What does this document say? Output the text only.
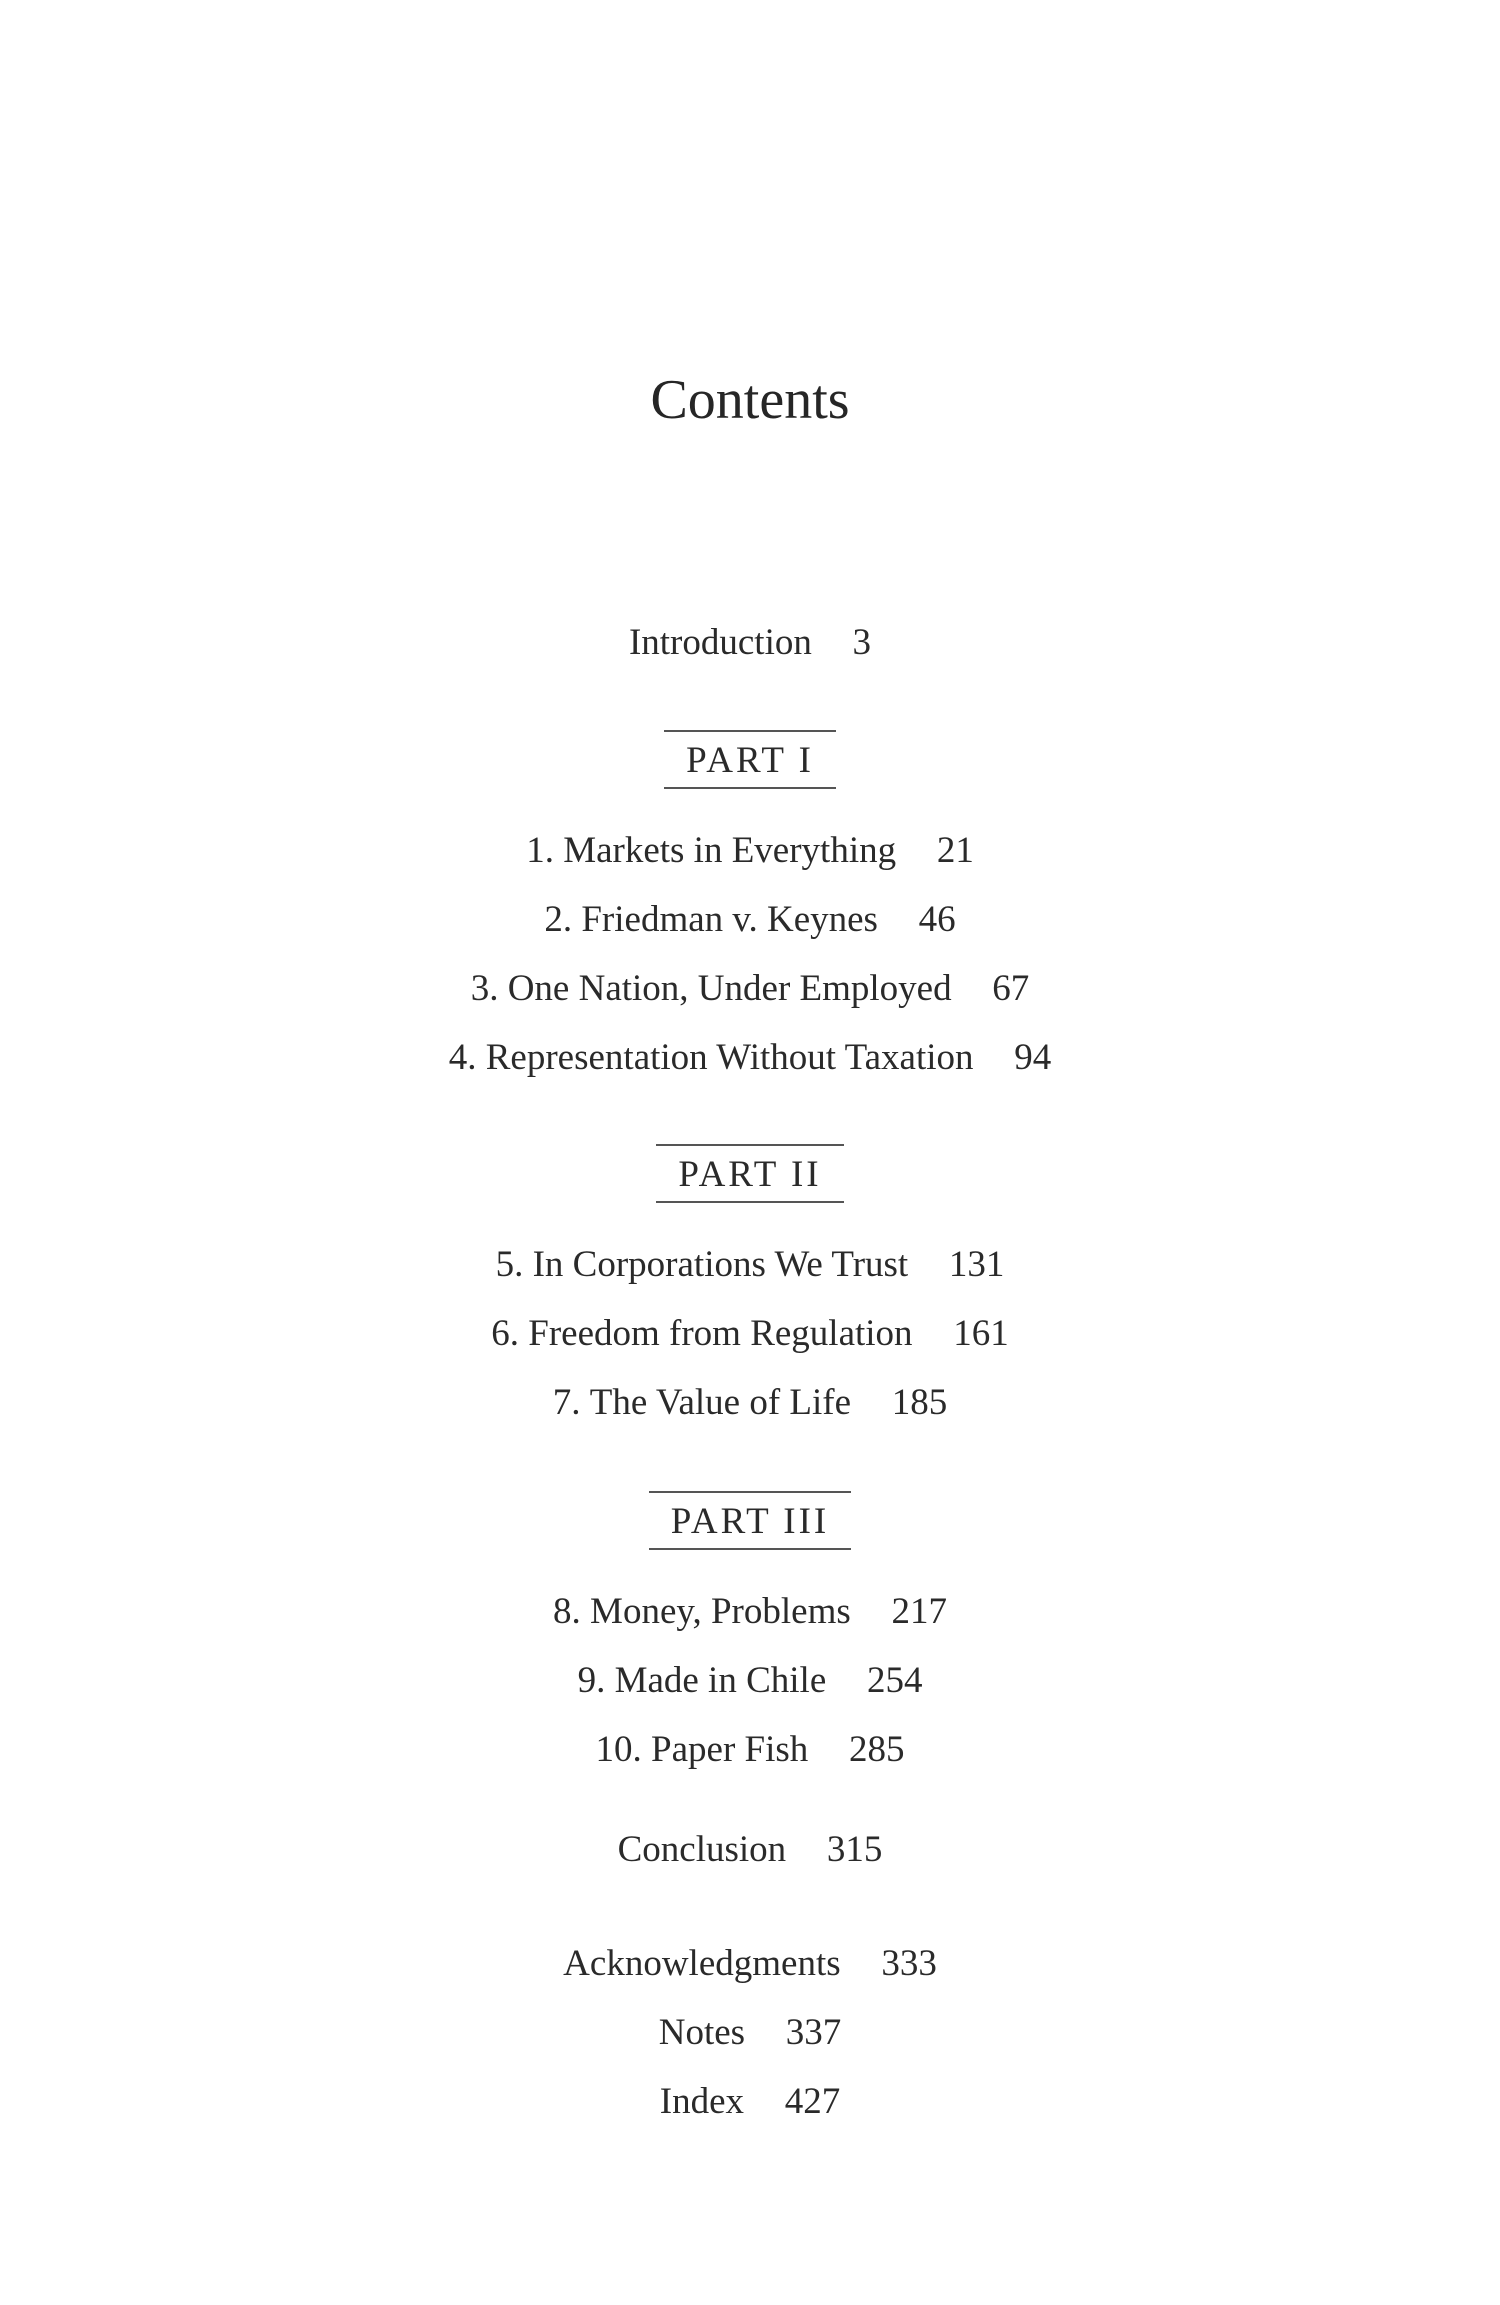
Contents
Introduction 3
PART I
1. Markets in Everything 21
2. Friedman v. Keynes 46
3. One Nation, Under Employed 67
4. Representation Without Taxation 94
PART II
5. In Corporations We Trust 131
6. Freedom from Regulation 161
7. The Value of Life 185
PART III
8. Money, Problems 217
9. Made in Chile 254
10. Paper Fish 285
Conclusion 315
Acknowledgments 333
Notes 337
Index 427
